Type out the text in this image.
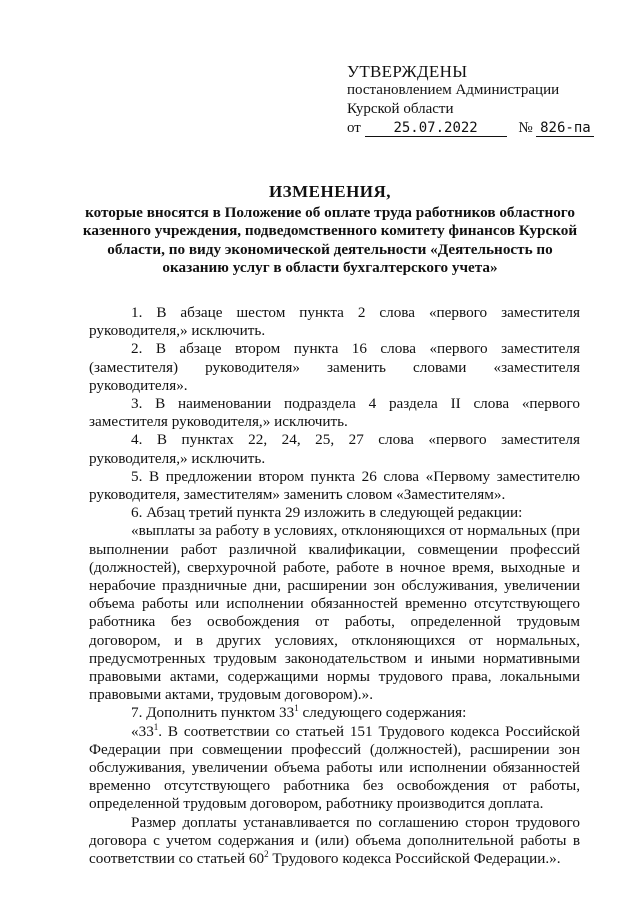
УТВЕРЖДЕНЫ
постановлением Администрации
Курской области
от 25.07.2022	№ 826-па
ИЗМЕНЕНИЯ,
которые вносятся в Положение об оплате труда работников областного казенного учреждения, подведомственного комитету финансов Курской области, по виду экономической деятельности «Деятельность по оказанию услуг в области бухгалтерского учета»

1. В абзаце шестом пункта 2 слова «первого заместителя руководителя,» исключить.

2. В абзаце втором пункта 16 слова «первого заместителя (заместителя) руководителя» заменить словами «заместителя руководителя».

3. В наименовании подраздела 4 раздела II слова «первого заместителя руководителя,» исключить.

4. В пунктах 22, 24, 25, 27 слова «первого заместителя руководителя,» исключить.

5. В предложении втором пункта 26 слова «Первому заместителю руководителя, заместителям» заменить словом «Заместителям».

6. Абзац третий пункта 29 изложить в следующей редакции:

«выплаты за работу в условиях, отклоняющихся от нормальных (при выполнении работ различной квалификации, совмещении профессий (должностей), сверхурочной работе, работе в ночное время, выходные и нерабочие праздничные дни, расширении зон обслуживания, увеличении объема работы или исполнении обязанностей временно отсутствующего работника без освобождения от работы, определенной трудовым договором, и в других условиях, отклоняющихся от нормальных, предусмотренных трудовым законодательством и иными нормативными правовыми актами, содержащими нормы трудового права, локальными правовыми актами, трудовым договором).».

7. Дополнить пунктом $33^1$ следующего содержания:

«$33^1$. В соответствии со статьей 151 Трудового кодекса Российской Федерации при совмещении профессий (должностей), расширении зон обслуживания, увеличении объема работы или исполнении обязанностей временно отсутствующего работника без освобождения от работы, определенной трудовым договором, работнику производится доплата.

Размер доплаты устанавливается по соглашению сторон трудового договора с учетом содержания и (или) объема дополнительной работы в соответствии со статьей $60^2$ Трудового кодекса Российской Федерации.».
